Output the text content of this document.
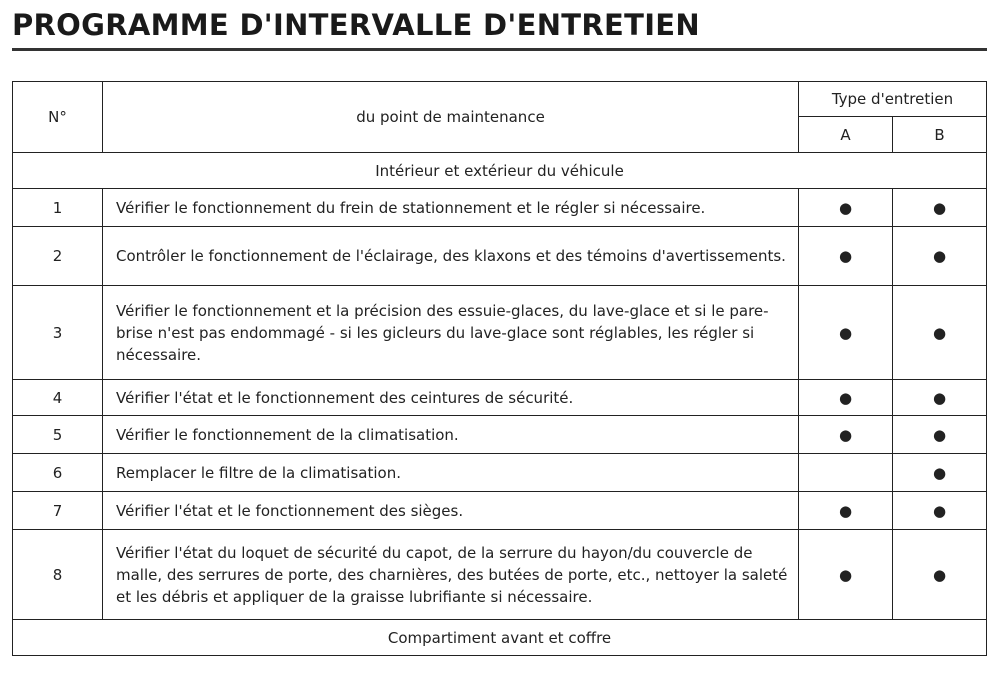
PROGRAMME D'INTERVALLE D'ENTRETIEN
N°	du point de maintenance	Type d'entretien	
		A	B
Intérieur et extérieur du véhicule			
1	Vérifier le fonctionnement du frein de stationnement et le régler si nécessaire.	●	●
2	Contrôler le fonctionnement de l'éclairage, des klaxons et des témoins d'avertissements.	●	●
3	Vérifier le fonctionnement et la précision des essuie-glaces, du lave-glace et si le pare-brise n'est pas endommagé - si les gicleurs du lave-glace sont réglables, les régler si nécessaire.	●	●
4	Vérifier l'état et le fonctionnement des ceintures de sécurité.	●	●
5	Vérifier le fonctionnement de la climatisation.	●	●
6	Remplacer le filtre de la climatisation.		●
7	Vérifier l'état et le fonctionnement des sièges.	●	●
8	Vérifier l'état du loquet de sécurité du capot, de la serrure du hayon/du couvercle de malle, des serrures de porte, des charnières, des butées de porte, etc., nettoyer la saleté et les débris et appliquer de la graisse lubrifiante si nécessaire.	●	●
Compartiment avant et coffre			
